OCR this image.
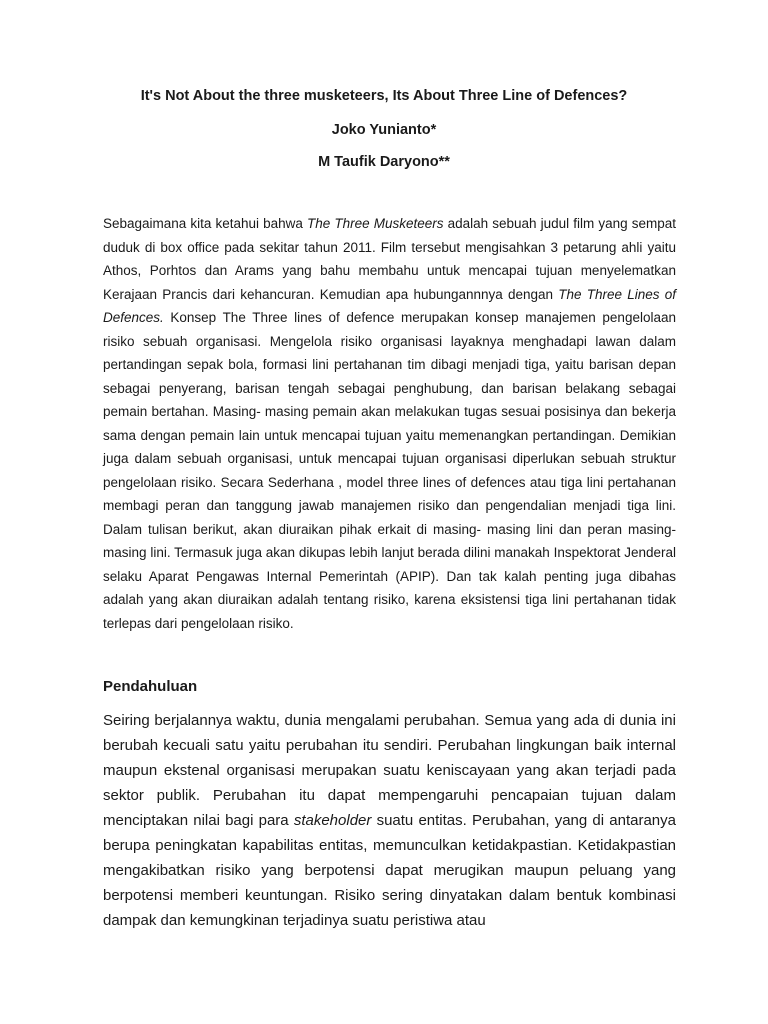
It's Not About the three musketeers, Its About Three Line of Defences?
Joko Yunianto*
M Taufik Daryono**

Sebagaimana kita ketahui bahwa The Three Musketeers adalah sebuah judul film yang sempat duduk di box office pada sekitar tahun 2011. Film tersebut mengisahkan 3 petarung ahli yaitu Athos, Porhtos dan Arams yang bahu membahu untuk mencapai tujuan menyelematkan Kerajaan Prancis dari kehancuran. Kemudian apa hubungannnya dengan The Three Lines of Defences. Konsep The Three lines of defence merupakan konsep manajemen pengelolaan risiko sebuah organisasi. Mengelola risiko organisasi layaknya menghadapi lawan dalam pertandingan sepak bola, formasi lini pertahanan tim dibagi menjadi tiga, yaitu barisan depan sebagai penyerang, barisan tengah sebagai penghubung, dan barisan belakang sebagai pemain bertahan. Masing- masing pemain akan melakukan tugas sesuai posisinya dan bekerja sama dengan pemain lain untuk mencapai tujuan yaitu memenangkan pertandingan. Demikian juga dalam sebuah organisasi, untuk mencapai tujuan organisasi diperlukan sebuah struktur pengelolaan risiko. Secara Sederhana , model three lines of defences atau tiga lini pertahanan membagi peran dan tanggung jawab manajemen risiko dan pengendalian menjadi tiga lini. Dalam tulisan berikut, akan diuraikan pihak erkait di masing- masing lini dan peran masing-masing lini. Termasuk juga akan dikupas lebih lanjut berada dilini manakah Inspektorat Jenderal selaku Aparat Pengawas Internal Pemerintah (APIP). Dan tak kalah penting juga dibahas adalah yang akan diuraikan adalah tentang risiko, karena eksistensi tiga lini pertahanan tidak terlepas dari pengelolaan risiko.

Pendahuluan

Seiring berjalannya waktu, dunia mengalami perubahan. Semua yang ada di dunia ini berubah kecuali satu yaitu perubahan itu sendiri. Perubahan lingkungan baik internal maupun ekstenal organisasi merupakan suatu keniscayaan yang akan terjadi pada sektor publik. Perubahan itu dapat mempengaruhi pencapaian tujuan dalam menciptakan nilai bagi para stakeholder suatu entitas. Perubahan, yang di antaranya berupa peningkatan kapabilitas entitas, memunculkan ketidakpastian. Ketidakpastian mengakibatkan risiko yang berpotensi dapat merugikan maupun peluang yang berpotensi memberi keuntungan. Risiko sering dinyatakan dalam bentuk kombinasi dampak dan kemungkinan terjadinya suatu peristiwa atau
